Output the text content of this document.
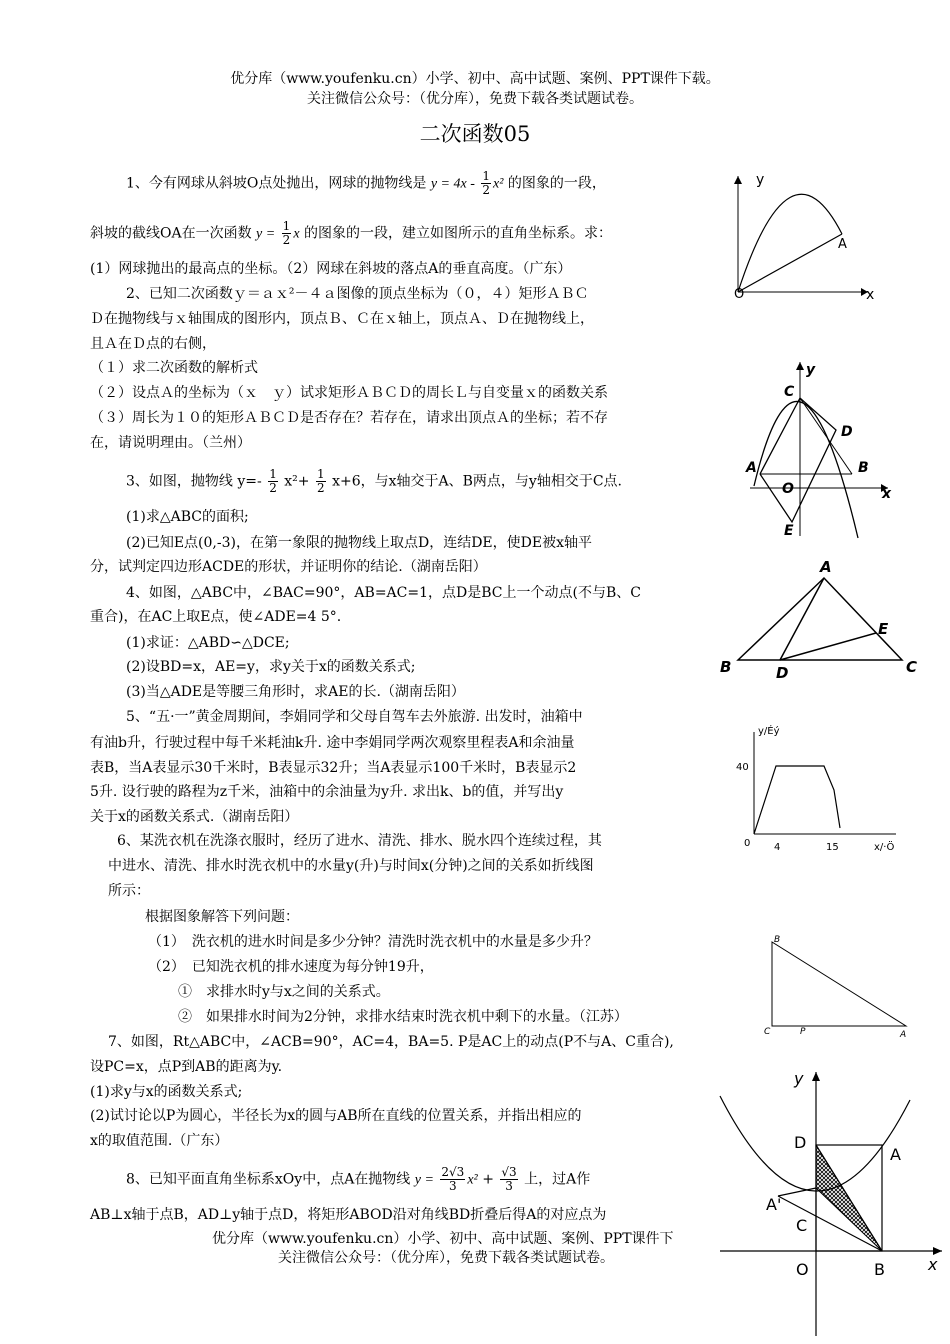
优分库（www.youfenku.cn）小学、初中、高中试题、案例、PPT课件下载。
关注微信公众号：（优分库），免费下载各类试题试卷。
二次函数05
1、今有网球从斜坡O点处抛出，网球的抛物线是 $y = 4x - \frac{1}{2} x^2$ 的图象的一段，
斜坡的截线OA在一次函数 $y = \frac{1}{2}$ x 的图象的一段，建立如图所示的直角坐标系。求：
(1）网球抛出的最高点的坐标。（2）网球在斜坡的落点A的垂直高度。（广东）
2、已知二次函数ｙ＝ａｘ²－４ａ图像的顶点坐标为（０，４）矩形ＡＢＣ
Ｄ在抛物线与ｘ轴围成的图形内，顶点Ｂ、Ｃ在ｘ轴上，顶点Ａ、Ｄ在抛物线上，
且Ａ在Ｄ点的右侧，
（１）求二次函数的解析式
（２）设点Ａ的坐标为（ｘ　ｙ）试求矩形ＡＢＣＤ的周长Ｌ与自变量ｘ的函数关系
（３）周长为１０的矩形ＡＢＣＤ是否存在？若存在，请求出顶点Ａ的坐标；若不存
在，请说明理由。（兰州）
3、如图，抛物线 $y=- \frac{1}{2} x^2+ \frac{1}{2} x+6$，与x轴交于A、B两点，与y轴相交于C点.
(1)求△ABC的面积;
(2)已知E点(0,-3)，在第一象限的抛物线上取点D，连结DE，使DE被x轴平
分，试判定四边形ACDE的形状，并证明你的结论.（湖南岳阳）
4、如图，△ABC中，∠BAC=90°，AB=AC=1，点D是BC上一个动点(不与B、C
重合)，在AC上取E点，使∠ADE=4 5°.
(1)求证：△ABD∽△DCE;
(2)设BD=x，AE=y，求y关于x的函数关系式;
(3)当△ADE是等腰三角形时，求AE的长.（湖南岳阳）
5、“五·一”黄金周期间，李娟同学和父母自驾车去外旅游. 出发时，油箱中
有油b升，行驶过程中每千米耗油k升. 途中李娟同学两次观察里程表A和余油量
表B，当A表显示30千米时，B表显示32升；当A表显示100千米时，B表显示2
5升. 设行驶的路程为z千米，油箱中的余油量为y升. 求出k、b的值，并写出y
关于x的函数关系式.（湖南岳阳）
6、某洗衣机在洗涤衣服时，经历了进水、清洗、排水、脱水四个连续过程，其
中进水、清洗、排水时洗衣机中的水量y(升)与时间x(分钟)之间的关系如折线图
所示：
根据图象解答下列问题：
（1）　洗衣机的进水时间是多少分钟？清洗时洗衣机中的水量是多少升？
（2）　已知洗衣机的排水速度为每分钟19升，
①　求排水时y与x之间的关系式。
②　如果排水时间为2分钟，求排水结束时洗衣机中剩下的水量。（江苏）
7、如图，Rt△ABC中，∠ACB=90°，AC=4，BA=5. P是AC上的动点(P不与A、C重合),
设PC=x，点P到AB的距离为y.
(1)求y与x的函数关系式;
(2)试讨论以P为圆心，半径长为x的圆与AB所在直线的位置关系，并指出相应的
x的取值范围.（广东）
8、已知平面直角坐标系xOy中，点A在抛物线 $y = \frac{2√3}{3} x^2 + \frac{√3}{3}$ 上，过A作
AB⊥x轴于点B，AD⊥y轴于点D，将矩形ABOD沿对角线BD折叠后得A的对应点为
优分库（www.youfenku.cn）小学、初中、高中试题、案例、PPT课件下
关注微信公众号：（优分库），免费下载各类试题试卷。
y
x
O
A
y
x
C
D
A	B
O
E
A
B	C
D
E
y/Éý
40
0 4	15	x/·Ö
B
C	P	A
y
x
O	B
A
D
C
A'
